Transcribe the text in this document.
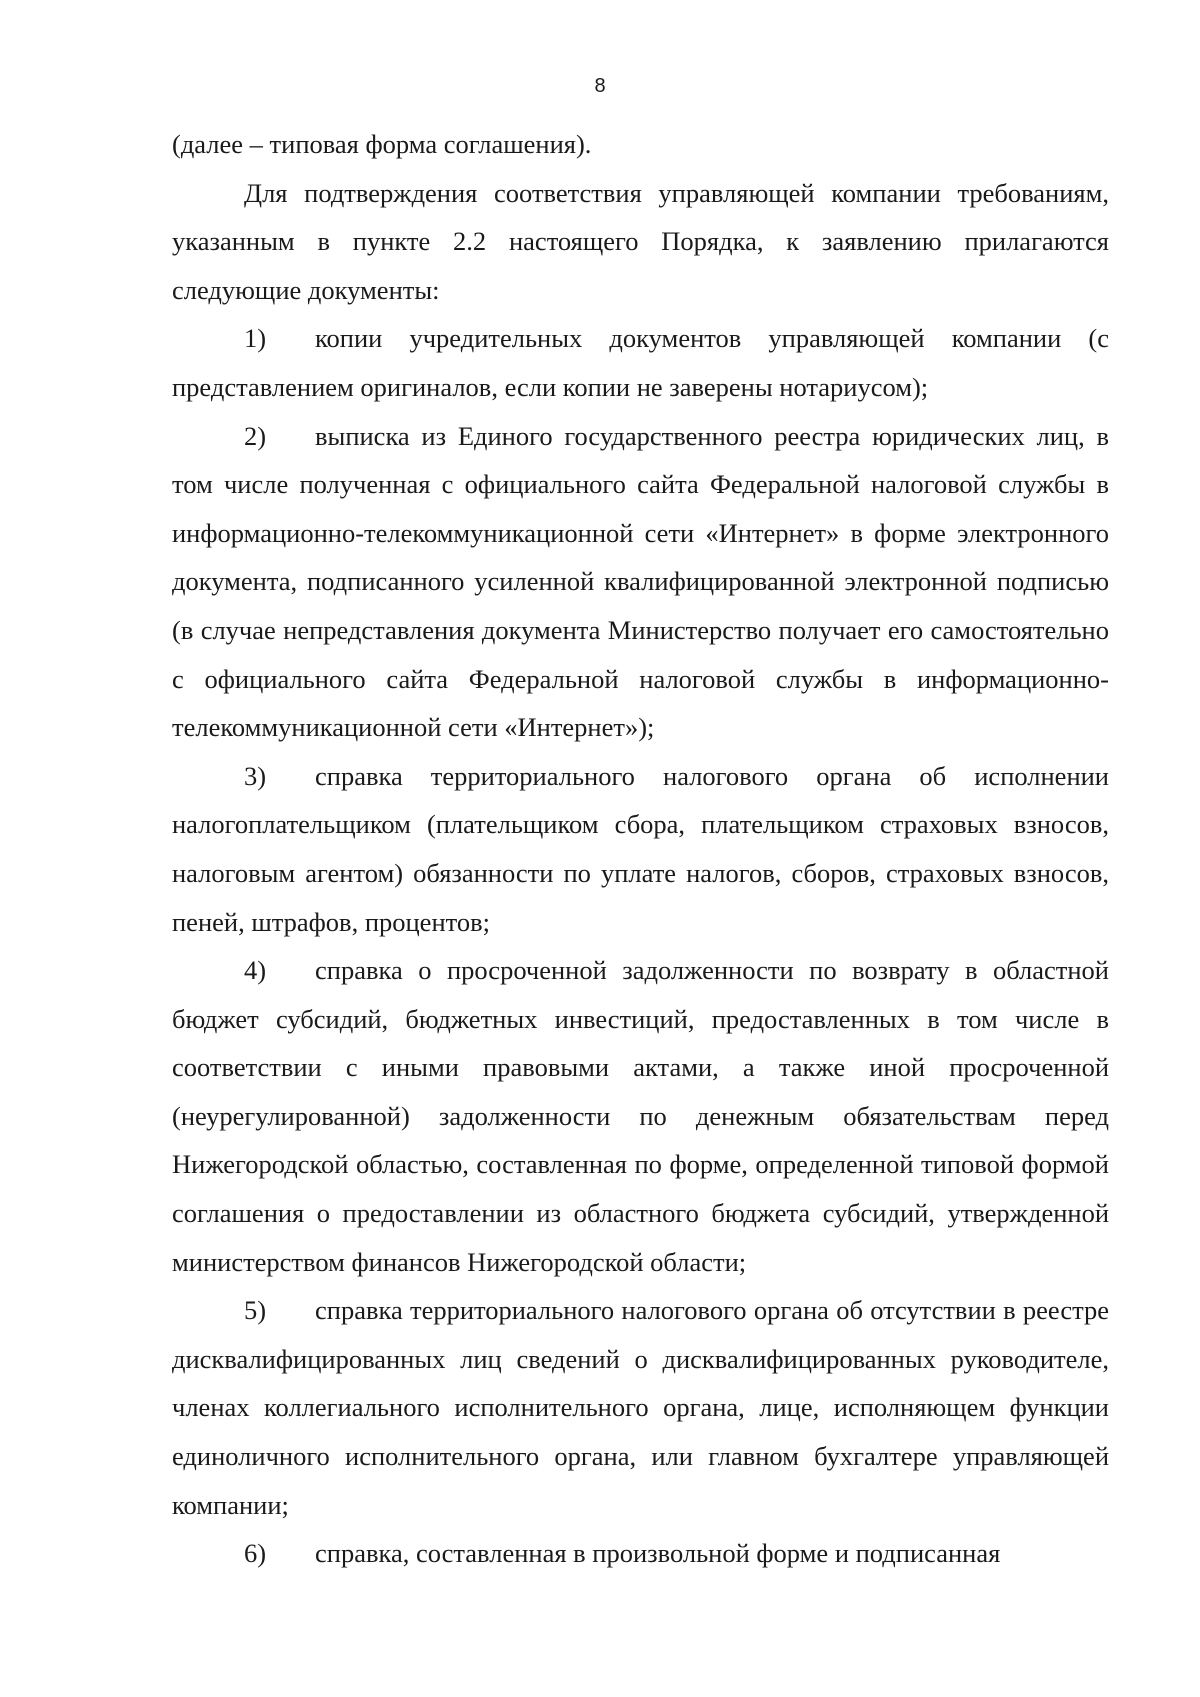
8

(далее – типовая форма соглашения).

Для подтверждения соответствия управляющей компании требованиям, указанным в пункте 2.2 настоящего Порядка, к заявлению прилагаются следующие документы:

1) копии учредительных документов управляющей компании (с представлением оригиналов, если копии не заверены нотариусом);

2) выписка из Единого государственного реестра юридических лиц, в том числе полученная с официального сайта Федеральной налоговой службы в информационно-телекоммуникационной сети «Интернет» в форме электронного документа, подписанного усиленной квалифицированной электронной подписью (в случае непредставления документа Министерство получает его самостоятельно с официального сайта Федеральной налоговой службы в информационно-телекоммуникационной сети «Интернет»);

3) справка территориального налогового органа об исполнении налогоплательщиком (плательщиком сбора, плательщиком страховых взносов, налоговым агентом) обязанности по уплате налогов, сборов, страховых взносов, пеней, штрафов, процентов;

4) справка о просроченной задолженности по возврату в областной бюджет субсидий, бюджетных инвестиций, предоставленных в том числе в соответствии с иными правовыми актами, а также иной просроченной (неурегулированной) задолженности по денежным обязательствам перед Нижегородской областью, составленная по форме, определенной типовой формой соглашения о предоставлении из областного бюджета субсидий, утвержденной министерством финансов Нижегородской области;

5) справка территориального налогового органа об отсутствии в реестре дисквалифицированных лиц сведений о дисквалифицированных руководителе, членах коллегиального исполнительного органа, лице, исполняющем функции единоличного исполнительного органа, или главном бухгалтере управляющей компании;

6) справка, составленная в произвольной форме и подписанная
